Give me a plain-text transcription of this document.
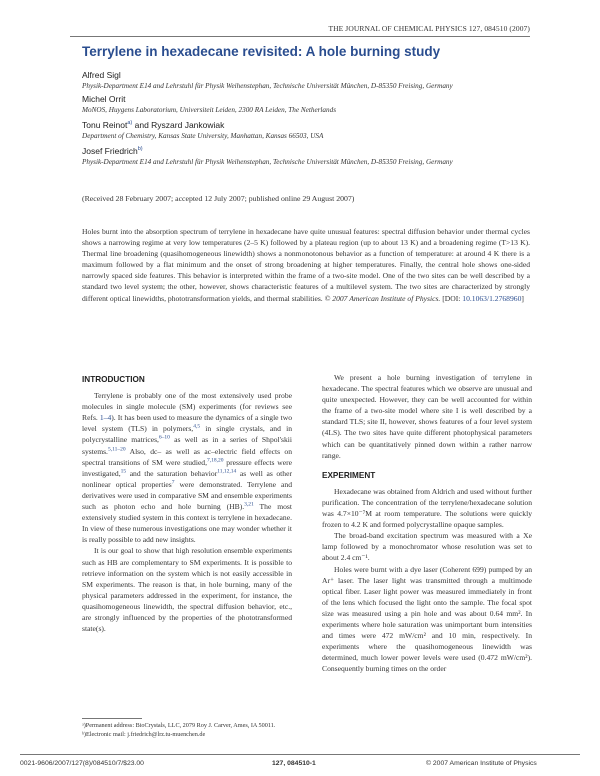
THE JOURNAL OF CHEMICAL PHYSICS 127, 084510 (2007)
Terrylene in hexadecane revisited: A hole burning study
Alfred Sigl
Physik-Department E14 and Lehrstuhl für Physik Weihenstephan, Technische Universität München, D-85350 Freising, Germany
Michel Orrit
MoNOS, Huygens Laboratorium, Universiteit Leiden, 2300 RA Leiden, The Netherlands
Tonu Reinot$^{a)}$ and Ryszard Jankowiak
Department of Chemistry, Kansas State University, Manhattan, Kansas 66503, USA
Josef Friedrich$^{b)}$
Physik-Department E14 and Lehrstuhl für Physik Weihenstephan, Technische Universität München, D-85350 Freising, Germany
(Received 28 February 2007; accepted 12 July 2007; published online 29 August 2007)
Holes burnt into the absorption spectrum of terrylene in hexadecane have quite unusual features: spectral diffusion behavior under thermal cycles shows a narrowing regime at very low temperatures (2–5 K) followed by a plateau region (up to about 13 K) and a broadening regime (T>13 K). Thermal line broadening (quasihomogeneous linewidth) shows a nonmonotonous behavior as a function of temperature: at around 4 K there is a maximum followed by a flat minimum and the onset of strong broadening at higher temperatures. Finally, the central hole shows one-sided narrowly spaced side features. This behavior is interpreted within the frame of a two-site model. One of the two sites can be well described by a standard two level system; the other, however, shows characteristic features of a multilevel system. The two sites are characterized by strongly different optical linewidths, phototransformation yields, and thermal stabilities. © 2007 American Institute of Physics. [DOI: 10.1063/1.2768960]
INTRODUCTION

Terrylene is probably one of the most extensively used probe molecules in single molecule (SM) experiments (for reviews see Refs. 1–4). It has been used to measure the dynamics of a single two level system (TLS) in polymers,$^{4,5}$ in single crystals, and in polycrystalline matrices,$^{6-10}$ as well as in a series of Shpol'skii systems.$^{5,11-20}$ Also, dc– as well as ac–electric field effects on spectral transitions of SM were studied,$^{7,18,20}$ pressure effects were investigated,$^{15}$ and the saturation behavior$^{11,12,14}$ as well as other nonlinear optical properties$^7$ were demonstrated. Terrylene and derivatives were used in comparative SM and ensemble experiments such as photon echo and hole burning (HB).$^{3,21}$ The most extensively studied system in this context is terrylene in hexadecane. In view of these numerous investigations one may wonder whether it is really possible to add new insights.

It is our goal to show that high resolution ensemble experiments such as HB are complementary to SM experiments. It is possible to retrieve information on the system which is not easily accessible in SM experiments. The reason is that, in hole burning, many of the physical parameters addressed in the experiment, for instance, the quasihomogeneous linewidth, the spectral diffusion behavior, etc., are strongly influenced by the properties of the phototransformed state(s).

We present a hole burning investigation of terrylene in hexadecane. The spectral features which we observe are unusual and quite unexpected. However, they can be well accounted for within the frame of a two-site model where site I is well described by a standard TLS; site II, however, shows features of a four level system (4LS). The two sites have quite different photophysical parameters which can be quantitatively pinned down within a rather narrow range.

EXPERIMENT

Hexadecane was obtained from Aldrich and used without further purification. The concentration of the terrylene/hexadecane solution was 4.7×10⁻⁷M at room temperature. The solutions were quickly frozen to 4.2 K and formed polycrystalline opaque samples.

The broad-band excitation spectrum was measured with a Xe lamp followed by a monochromator whose resolution was set to about 2.4 cm⁻¹.

Holes were burnt with a dye laser (Coherent 699) pumped by an Ar⁺ laser. The laser light was transmitted through a multimode optical fiber. Laser light power was measured immediately in front of the lens which focused the light onto the sample. The focal spot size was measured using a pin hole and was about 0.64 mm². In experiments where hole saturation was unimportant burn intensities and times were 472 mW/cm² and 10 min, respectively. In experiments where the quasihomogeneous linewidth was determined, much lower power levels were used (0.472 mW/cm²). Consequently burning times on the order

ᵃ)Permanent address: BioCrystals, LLC, 2079 Roy J. Carver, Ames, IA 50011.
ᵇ)Electronic mail: j.friedrich@lrz.tu-muenchen.de
0021-9606/2007/127(8)/084510/7/$23.00	127, 084510-1	© 2007 American Institute of Physics
